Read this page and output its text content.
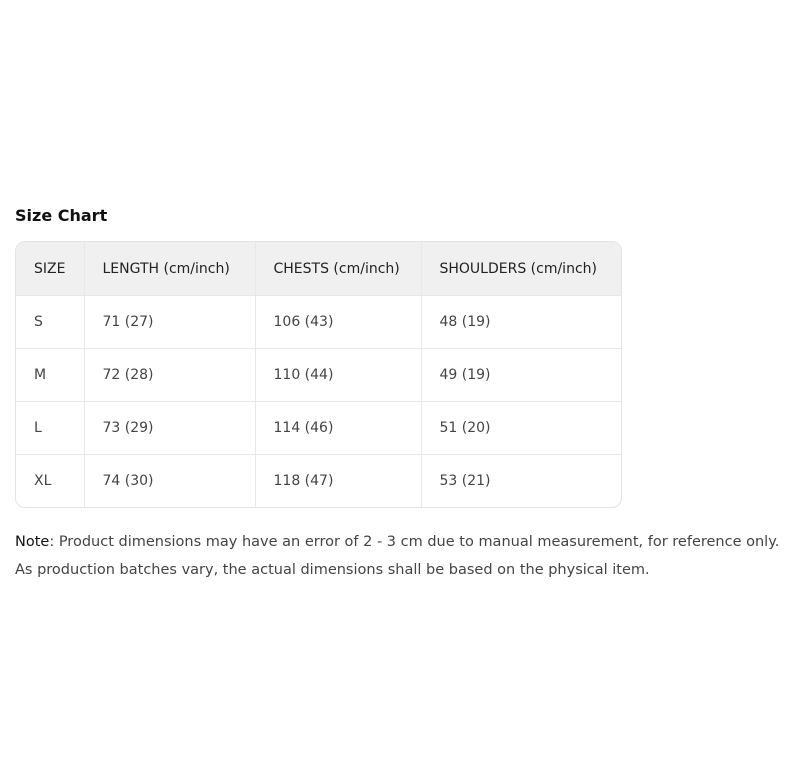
Size Chart
SIZE	LENGTH (cm/inch)	CHESTS (cm/inch)	SHOULDERS (cm/inch)
S	71 (27)	106 (43)	48 (19)
M	72 (28)	110 (44)	49 (19)
L	73 (29)	114 (46)	51 (20)
XL	74 (30)	118 (47)	53 (21)

Note: Product dimensions may have an error of 2 - 3 cm due to manual measurement, for reference only. As production batches vary, the actual dimensions shall be based on the physical item.
